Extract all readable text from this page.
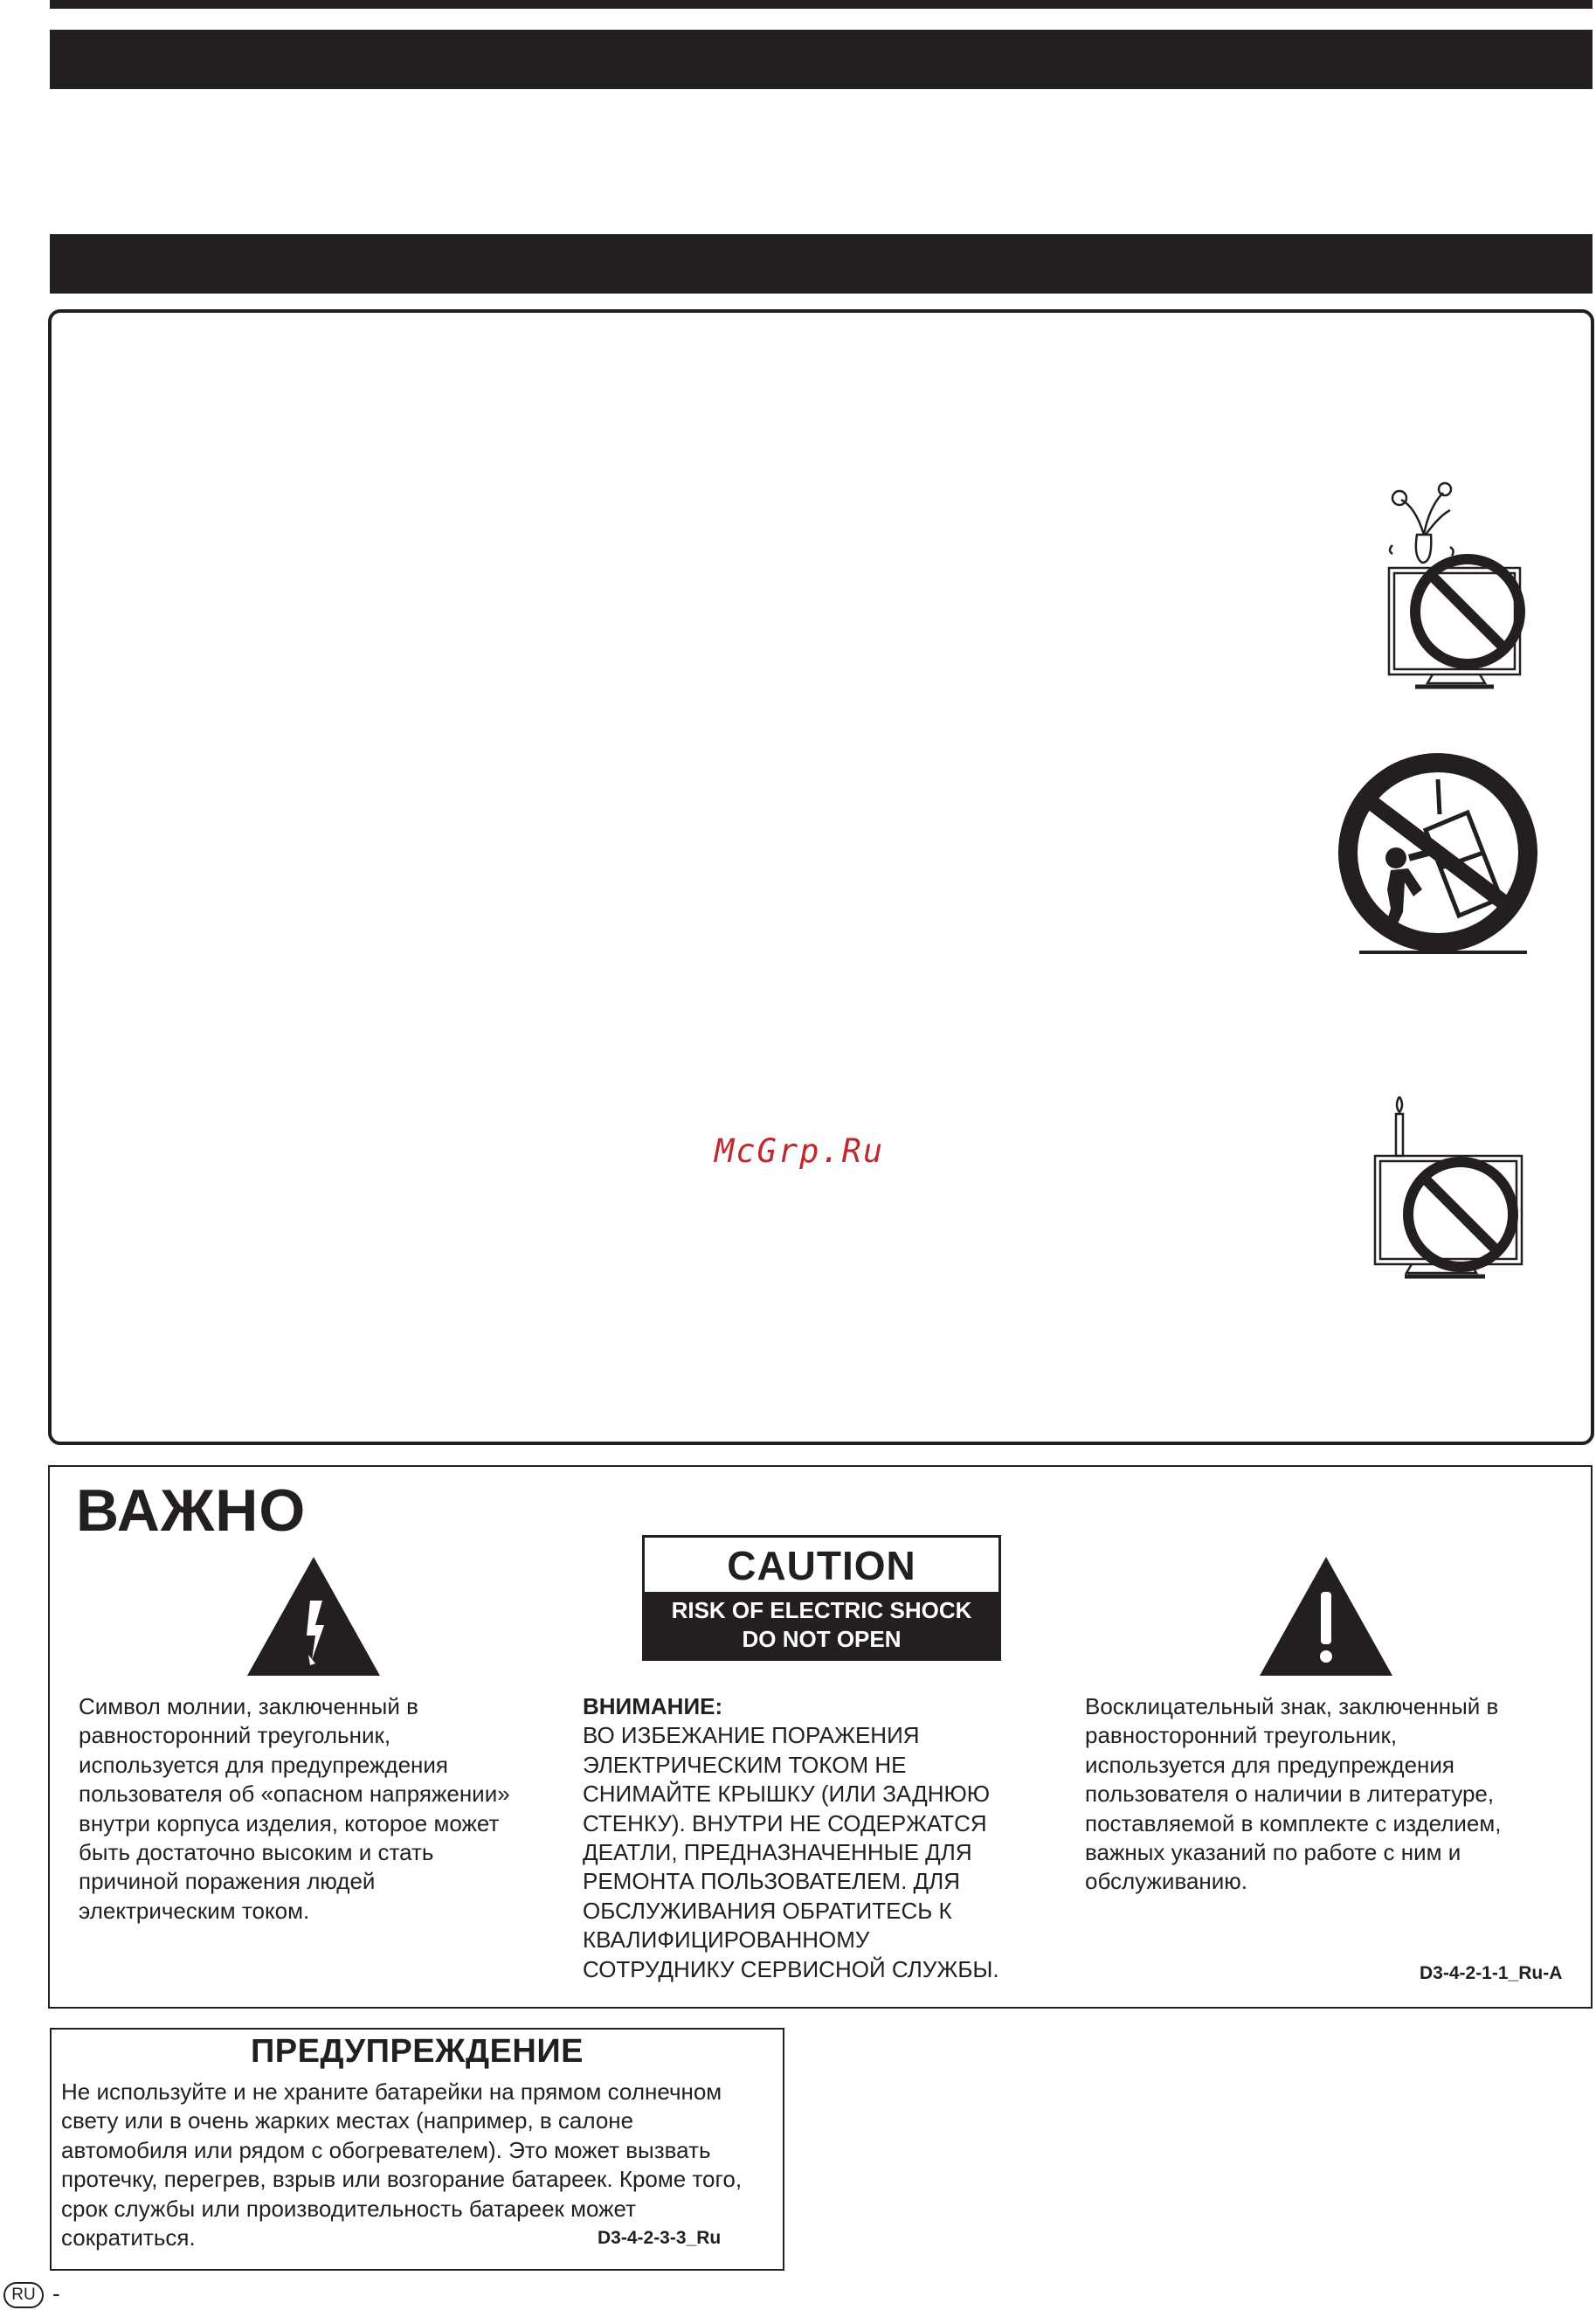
McGrp.Ru
ВАЖНО
CAUTION
RISK OF ELECTRIC SHOCK
DO NOT OPEN

Символ молнии, заключенный в

равносторонний треугольник,

используется для предупреждения

пользователя об «опасном напряжении»

внутри корпуса изделия, которое может

быть достаточно высоким и стать

причиной поражения людей

электрическим током.

ВНИМАНИЕ:

ВО ИЗБЕЖАНИЕ ПОРАЖЕНИЯ

ЭЛЕКТРИЧЕСКИМ ТОКОМ НЕ

СНИМАЙТЕ КРЫШКУ (ИЛИ ЗАДНЮЮ

СТЕНКУ). ВНУТРИ НЕ СОДЕРЖАТСЯ

ДЕАТЛИ, ПРЕДНАЗНАЧЕННЫЕ ДЛЯ

РЕМОНТА ПОЛЬЗОВАТЕЛЕМ. ДЛЯ

ОБСЛУЖИВАНИЯ ОБРАТИТЕСЬ К

КВАЛИФИЦИРОВАННОМУ

СОТРУДНИКУ СЕРВИСНОЙ СЛУЖБЫ.

Восклицательный знак, заключенный в

равносторонний треугольник,

используется для предупреждения

пользователя о наличии в литературе,

поставляемой в комплекте с изделием,

важных указаний по работе с ним и

обслуживанию.

D3-4-2-1-1_Ru-A
ПРЕДУПРЕЖДЕНИЕ
Не используйте и не храните батарейки на прямом солнечном
свету или в очень жарких местах (например, в салоне
автомобиля или рядом с обогревателем). Это может вызвать
протечку, перегрев, взрыв или возгорание батареек. Кроме того,
срок службы или производительность батареек может
сократиться.	D3-4-2-3-3_Ru
RU -
